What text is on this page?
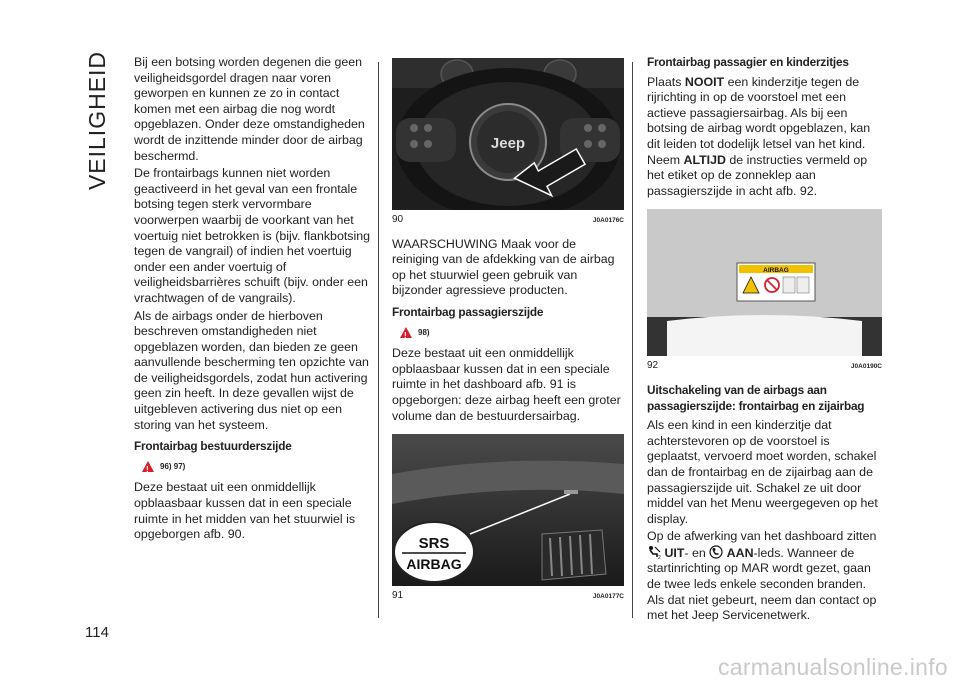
VEILIGHEID
114

Bij een botsing worden degenen die geen veiligheidsgordel dragen naar voren geworpen en kunnen ze zo in contact komen met een airbag die nog wordt opgeblazen. Onder deze omstandigheden wordt de inzittende minder door de airbag beschermd.

De frontairbags kunnen niet worden geactiveerd in het geval van een frontale botsing tegen sterk vervormbare voorwerpen waarbij de voorkant van het voertuig niet betrokken is (bijv. flankbotsing tegen de vangrail) of indien het voertuig onder een ander voertuig of veiligheidsbarrières schuift (bijv. onder een vrachtwagen of de vangrails).

Als de airbags onder de hierboven beschreven omstandigheden niet opgeblazen worden, dan bieden ze geen aanvullende bescherming ten opzichte van de veiligheidsgordels, zodat hun activering geen zin heeft. In deze gevallen wijst de uitgebleven activering dus niet op een storing van het systeem.

Frontairbag bestuurderszijde
!
96) 97)

Deze bestaat uit een onmiddellijk opblaasbaar kussen dat in een speciale ruimte in het midden van het stuurwiel is opgeborgen afb. 90.

Jeep
90	J0A0176C

WAARSCHUWING Maak voor de reiniging van de afdekking van de airbag op het stuurwiel geen gebruik van bijzonder agressieve producten.

Frontairbag passagierszijde
!
98)

Deze bestaat uit een onmiddellijk opblaasbaar kussen dat in een speciale ruimte in het dashboard afb. 91 is opgeborgen: deze airbag heeft een groter volume dan de bestuurdersairbag.

SRS
AIRBAG
91	J0A0177C
Frontairbag passagier en kinderzitjes

Plaats NOOIT een kinderzitje tegen de rijrichting in op de voorstoel met een actieve passagiersairbag. Als bij een botsing de airbag wordt opgeblazen, kan dit leiden tot dodelijk letsel van het kind. Neem ALTIJD de instructies vermeld op het etiket op de zonneklep aan passagierszijde in acht afb. 92.

AIRBAG
92	J0A0190C
Uitschakeling van de airbags aan passagierszijde: frontairbag en zijairbag

Als een kind in een kinderzitje dat achterstevoren op de voorstoel is geplaatst, vervoerd moet worden, schakel dan de frontairbag en de zijairbag aan de passagierszijde uit. Schakel ze uit door middel van het Menu weergegeven op het display.

Op de afwerking van het dashboard zitten
2 UIT- en  AAN-leds. Wanneer de startinrichting op MAR wordt gezet, gaan de twee leds enkele seconden branden. Als dat niet gebeurt, neem dan contact op met het Jeep Servicenetwerk.

carmanualsonline.info
